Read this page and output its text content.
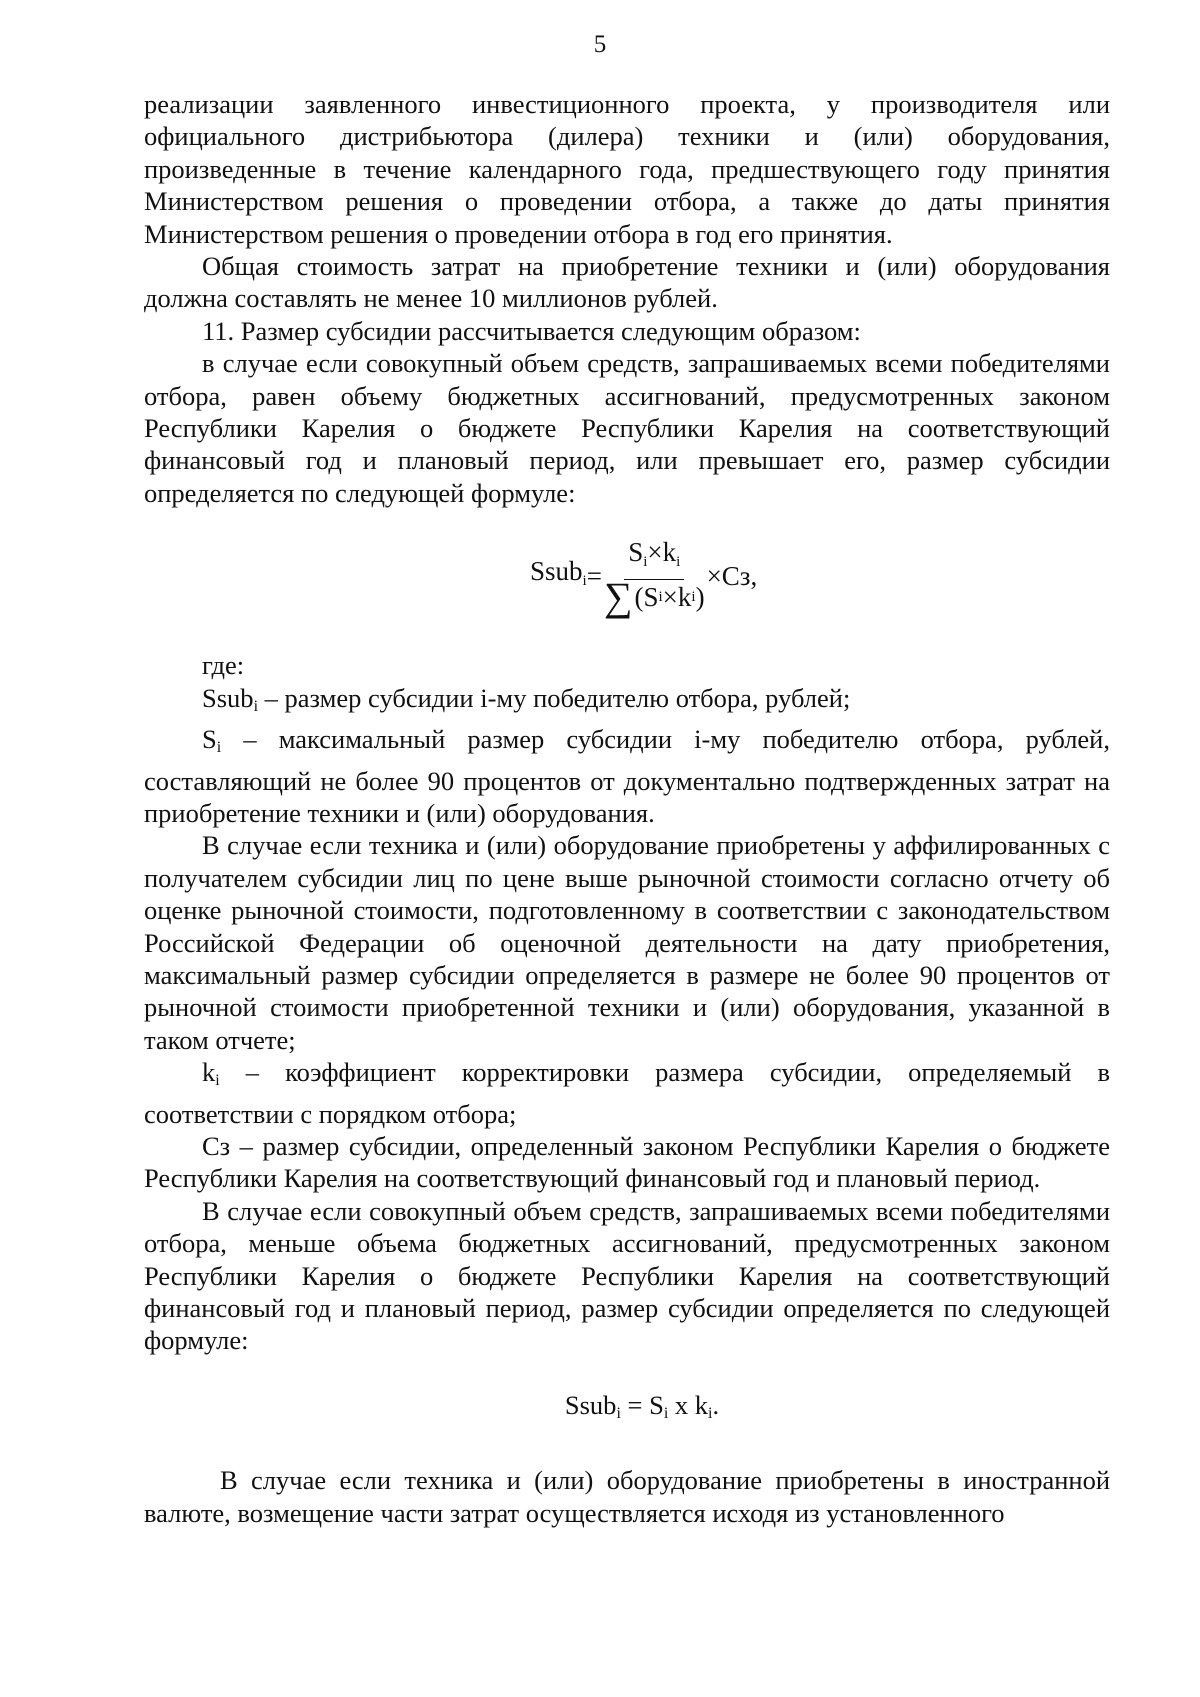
5

реализации заявленного инвестиционного проекта, у производителя или официального дистрибьютора (дилера) техники и (или) оборудования, произведенные в течение календарного года, предшествующего году принятия Министерством решения о проведении отбора, а также до даты принятия Министерством решения о проведении отбора в год его принятия.

Общая стоимость затрат на приобретение техники и (или) оборудования должна составлять не менее 10 миллионов рублей.

11. Размер субсидии рассчитывается следующим образом:

в случае если совокупный объем средств, запрашиваемых всеми победителями отбора, равен объему бюджетных ассигнований, предусмотренных законом Республики Карелия о бюджете Республики Карелия на соответствующий финансовый год и плановый период, или превышает его, размер субсидии определяется по следующей формуле:

Ssub$_i$ = $\frac{S_i\times k_i}{\text{∑ ( S i × k i )}} \times Сз$,

где:

Ssub$_i$ – размер субсидии i-му победителю отбора, рублей;

$S_i$ – максимальный размер субсидии i-му победителю отбора, рублей, составляющий не более 90 процентов от документально подтвержденных затрат на приобретение техники и (или) оборудования.

В случае если техника и (или) оборудование приобретены у аффилированных с получателем субсидии лиц по цене выше рыночной стоимости согласно отчету об оценке рыночной стоимости, подготовленному в соответствии с законодательством Российской Федерации об оценочной деятельности на дату приобретения, максимальный размер субсидии определяется в размере не более 90 процентов от рыночной стоимости приобретенной техники и (или) оборудования, указанной в таком отчете;

$k_i$ – коэффициент корректировки размера субсидии, определяемый в соответствии с порядком отбора;

Сз – размер субсидии, определенный законом Республики Карелия о бюджете Республики Карелия на соответствующий финансовый год и плановый период.

В случае если совокупный объем средств, запрашиваемых всеми победителями отбора, меньше объема бюджетных ассигнований, предусмотренных законом Республики Карелия о бюджете Республики Карелия на соответствующий финансовый год и плановый период, размер субсидии определяется по следующей формуле:

Ssub$_i$ = $S_i$ x $k_i$.

В случае если техника и (или) оборудование приобретены в иностранной валюте, возмещение части затрат осуществляется исходя из установленного
